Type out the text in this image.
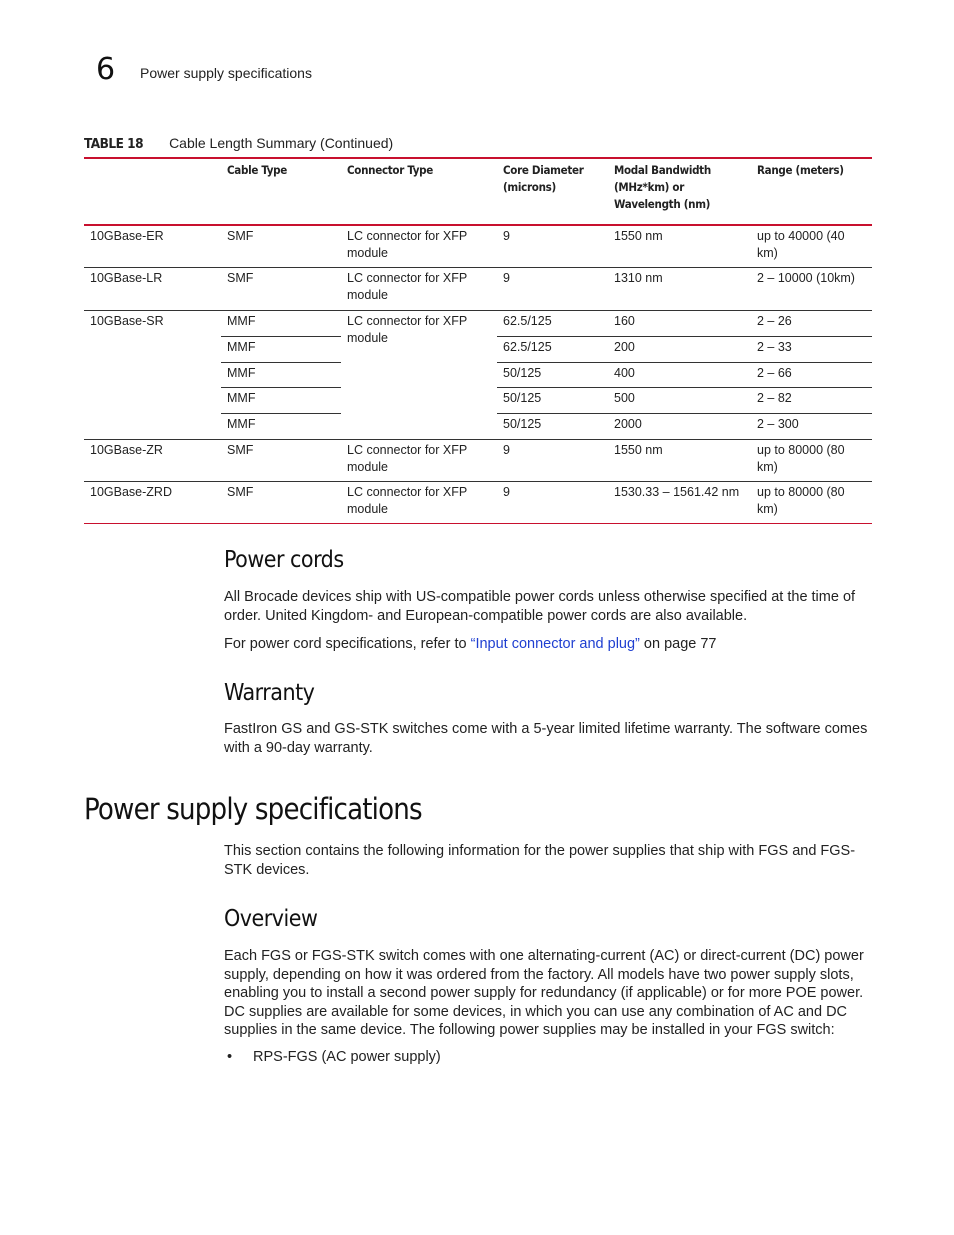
6 Power supply specifications
TABLE 18 Cable Length Summary (Continued)
	Cable Type	Connector Type	Core Diameter (microns)	Modal Bandwidth (MHz*km) or Wavelength (nm)	Range (meters)
10GBase-ER	SMF	LC connector for XFP module	9	1550 nm	up to 40000 (40 km)
10GBase-LR	SMF	LC connector for XFP module	9	1310 nm	2 – 10000 (10km)
10GBase-SR	MMF	LC connector for XFP module	62.5/125	160	2 – 26
	MMF		62.5/125	200	2 – 33
	MMF		50/125	400	2 – 66
	MMF		50/125	500	2 – 82
	MMF		50/125	2000	2 – 300
10GBase-ZR	SMF	LC connector for XFP module	9	1550 nm	up to 80000 (80 km)
10GBase-ZRD	SMF	LC connector for XFP module	9	1530.33 – 1561.42 nm	up to 80000 (80 km)
Power cords

All Brocade devices ship with US-compatible power cords unless otherwise specified at the time of order. United Kingdom- and European-compatible power cords are also available.

For power cord specifications, refer to “Input connector and plug” on page 77

Warranty

FastIron GS and GS-STK switches come with a 5-year limited lifetime warranty. The software comes with a 90-day warranty.

Power supply specifications

This section contains the following information for the power supplies that ship with FGS and FGS-STK devices.

Overview

Each FGS or FGS-STK switch comes with one alternating-current (AC) or direct-current (DC) power supply, depending on how it was ordered from the factory. All models have two power supply slots, enabling you to install a second power supply for redundancy (if applicable) or for more POE power. DC supplies are available for some devices, in which you can use any combination of AC and DC supplies in the same device. The following power supplies may be installed in your FGS switch:

• RPS-FGS (AC power supply)
